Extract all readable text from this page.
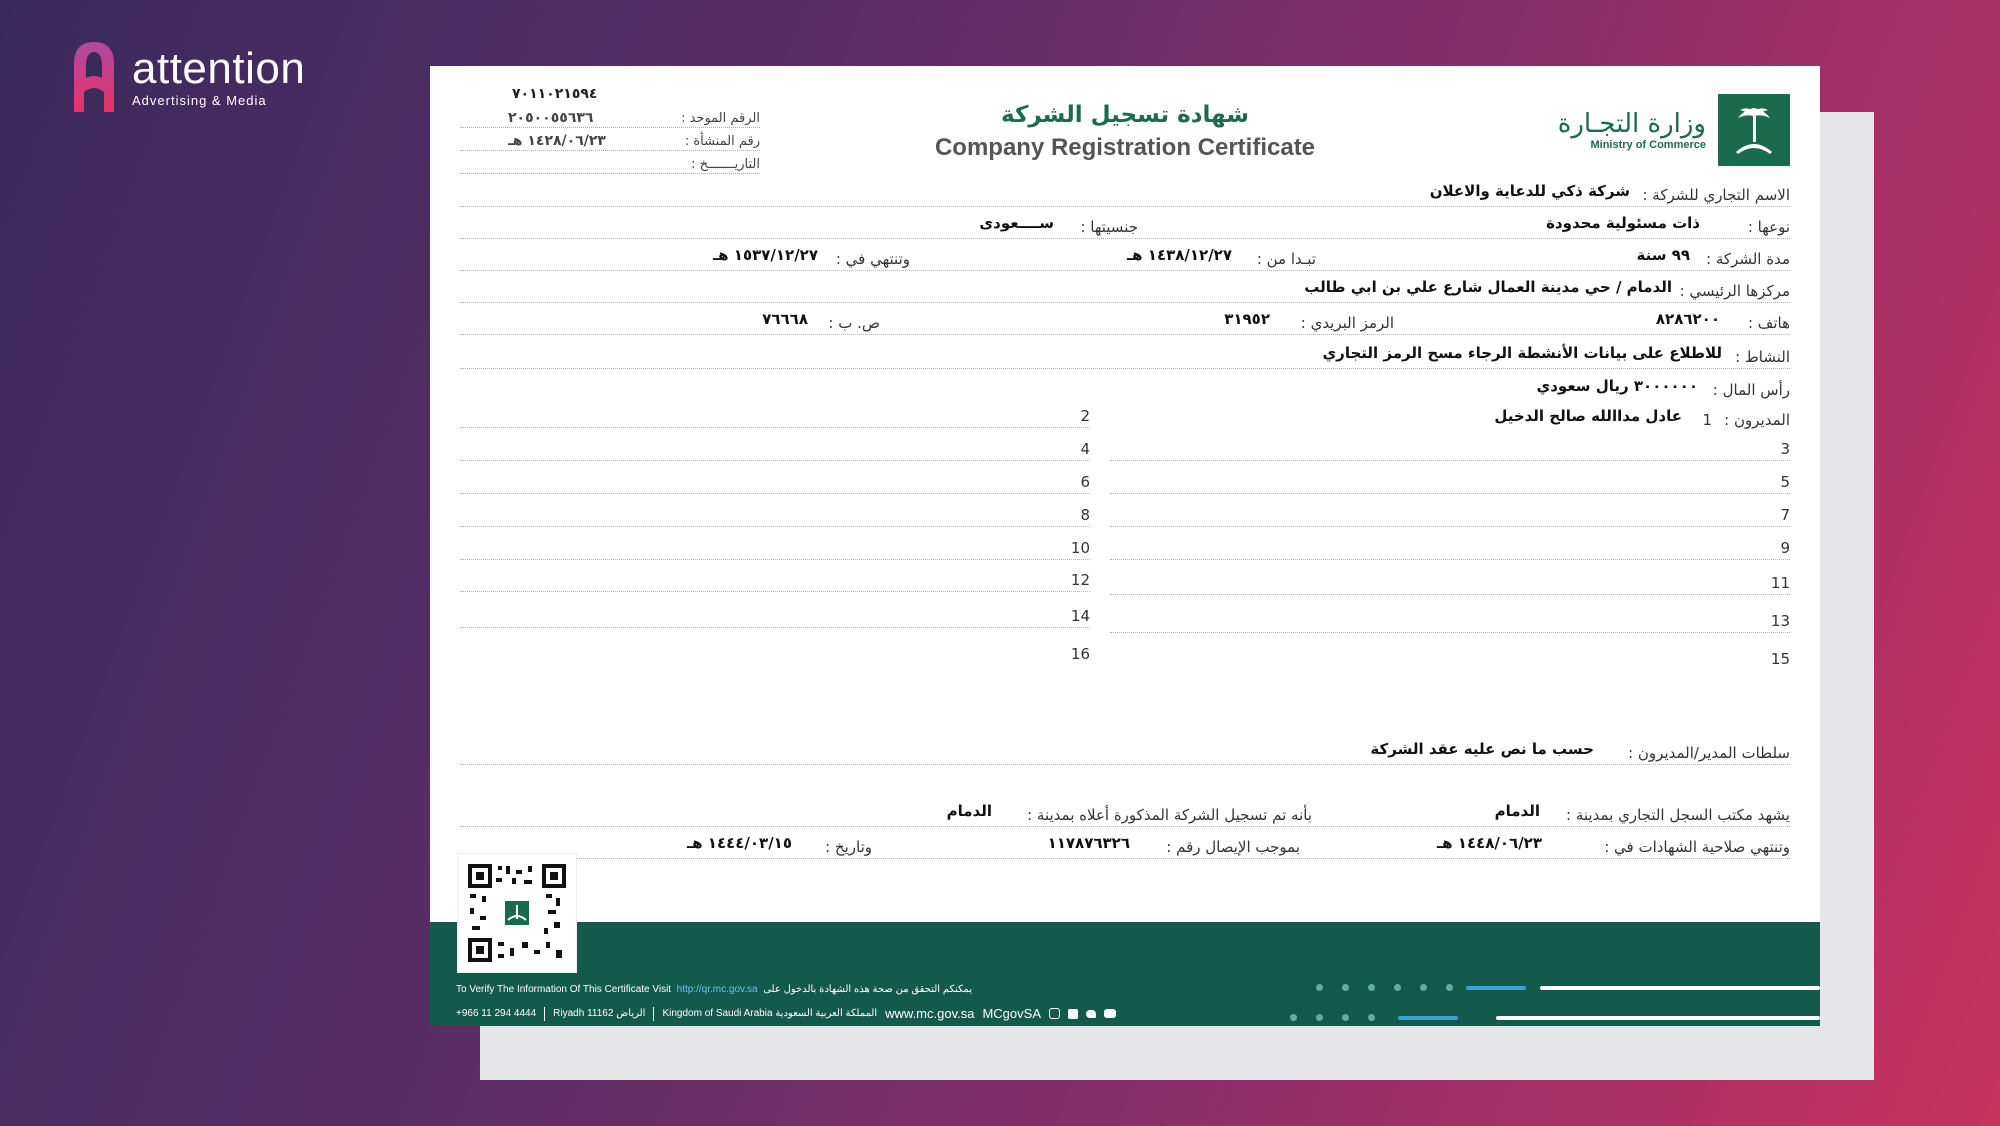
attention
Advertising & Media	٧٠١١٠٢١٥٩٤
الرقم الموحد :
٢٠٥٠٠٥٥٦٣٦
رقم المنشأة :
١٤٢٨/٠٦/٢٣ هـ
التاريـــــــخ :
شهادة تسجيل الشركة
Company Registration Certificate
وزارة التجـارة
Ministry of Commerce
الاسم التجاري للشركة :
شركة ذكي للدعاية والاعلان
نوعها :
ذات مسئولية محدودة
جنسيتها :
ســــعودى
مدة الشركة :
٩٩ سنة
تبـدا من :
١٤٣٨/١٢/٢٧ هـ
وتنتهي في :
١٥٣٧/١٢/٢٧ هـ
مركزها الرئيسي :
الدمام / حي مدينة العمال شارع علي بن ابي طالب
هاتف :
٨٢٨٦٢٠٠
الرمز البريدي :
٣١٩٥٢
ص. ب :
٧٦٦٦٨
النشاط :
للاطلاع على بيانات الأنشطة الرجاء مسح الرمز التجاري
رأس المال :
٣٠٠٠٠٠٠ ريال سعودي
المديرون :
1
عادل مداالله صالح الدخيل
3
5
7
9
11
13
15
2
4
6
8
10
12
14
16
سلطات المدير/المديرون :
حسب ما نص عليه عقد الشركة
يشهد مكتب السجل التجاري بمدينة :
الدمام
بأنه تم تسجيل الشركة المذكورة أعلاه بمدينة :
الدمام
وتنتهي صلاحية الشهادات في :
١٤٤٨/٠٦/٢٣ هـ
بموجب الإيصال رقم :
١١٧٨٧٦٣٢٦
وتاريخ :
١٤٤٤/٠٣/١٥ هـ
To Verify The Information Of This Certificate Visit http://qr.mc.gov.sa يمكنكم التحقق من صحة هذه الشهادة بالدخول على
+966 11 294 4444 Riyadh 11162 الرياض Kingdom of Saudi Arabia المملكة العربية السعودية www.mc.gov.sa MCgovSA
